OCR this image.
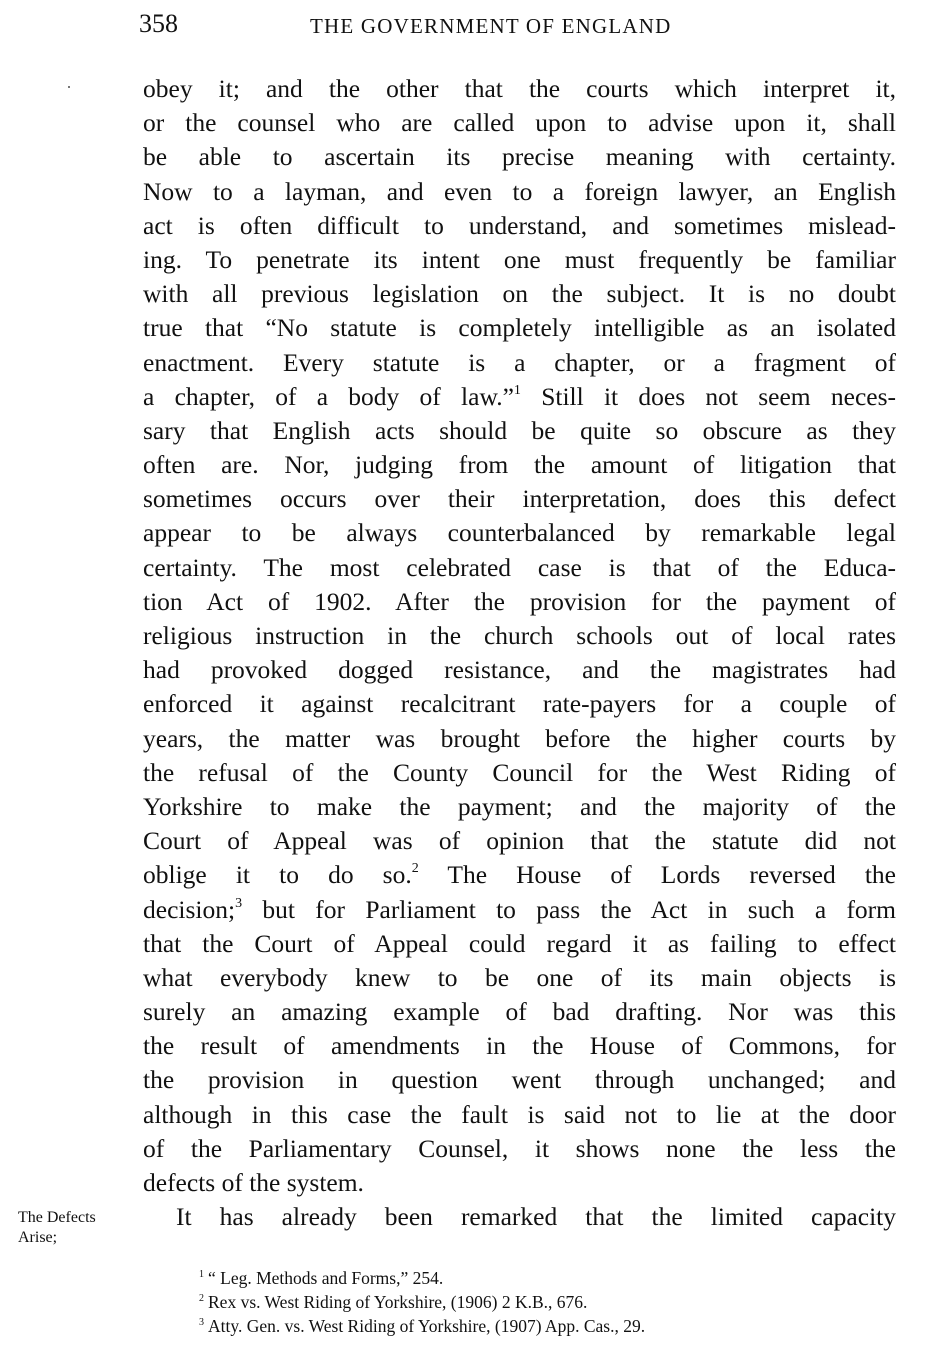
358	THE GOVERNMENT OF ENGLAND
obey it; and the other that the courts which interpret it,
or the counsel who are called upon to advise upon it, shall
be able to ascertain its precise meaning with certainty.
Now to a layman, and even to a foreign lawyer, an English
act is often difficult to understand, and sometimes mislead-
ing. To penetrate its intent one must frequently be familiar
with all previous legislation on the subject. It is no doubt
true that “No statute is completely intelligible as an isolated
enactment. Every statute is a chapter, or a fragment of
a chapter, of a body of law.”$^1$ Still it does not seem neces-
sary that English acts should be quite so obscure as they
often are. Nor, judging from the amount of litigation that
sometimes occurs over their interpretation, does this defect
appear to be always counterbalanced by remarkable legal
certainty. The most celebrated case is that of the Educa-
tion Act of 1902. After the provision for the payment of
religious instruction in the church schools out of local rates
had provoked dogged resistance, and the magistrates had
enforced it against recalcitrant rate-payers for a couple of
years, the matter was brought before the higher courts by
the refusal of the County Council for the West Riding of
Yorkshire to make the payment; and the majority of the
Court of Appeal was of opinion that the statute did not
oblige it to do so.$^2$ The House of Lords reversed the
decision;$^3$ but for Parliament to pass the Act in such a form
that the Court of Appeal could regard it as failing to effect
what everybody knew to be one of its main objects is
surely an amazing example of bad drafting. Nor was this
the result of amendments in the House of Commons, for
the provision in question went through unchanged; and
although in this case the fault is said not to lie at the door
of the Parliamentary Counsel, it shows none the less the
defects of the system.
It has already been remarked that the limited capacity
The Defects
Arise;
$^1$ “ Leg. Methods and Forms,” 254.
$^2$ Rex vs. West Riding of Yorkshire, (1906) 2 K.B., 676.
$^3$ Atty. Gen. vs. West Riding of Yorkshire, (1907) App. Cas., 29.
